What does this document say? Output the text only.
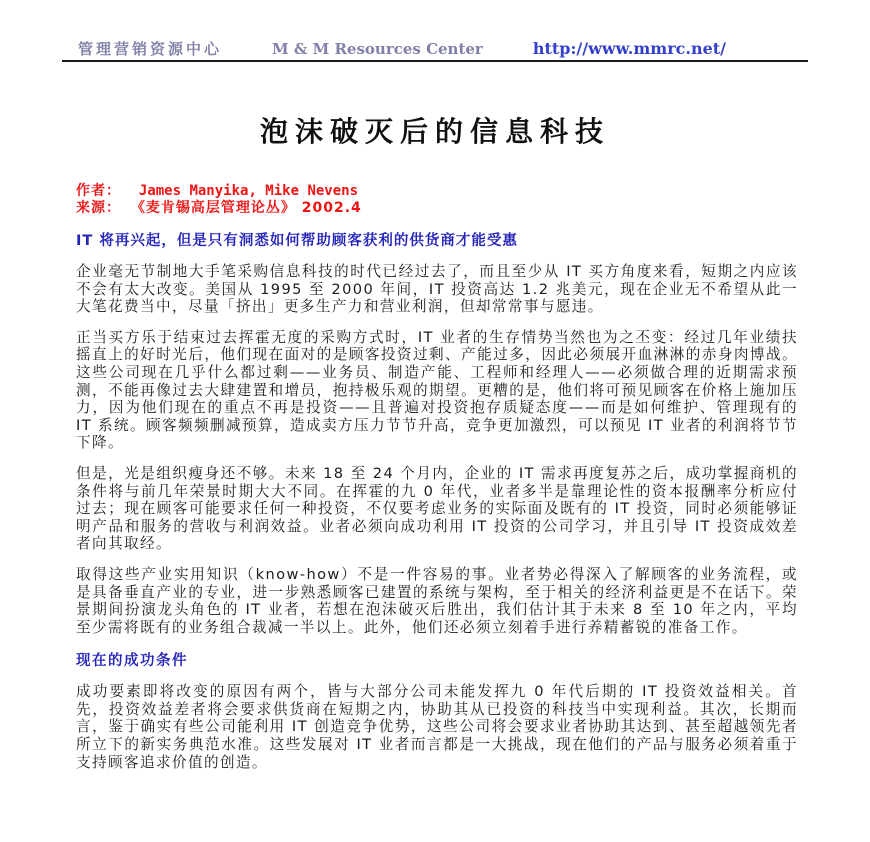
管理营销资源中心	M & M Resources Center	http://www.mmrc.net/
泡沫破灭后的信息科技
作者： James Manyika, Mike Nevens
来源： 《麦肯锡高层管理论丛》 2002.4
IT 将再兴起，但是只有洞悉如何帮助顾客获利的供货商才能受惠

企业毫无节制地大手笔采购信息科技的时代已经过去了，而且至少从 IT 买方角度来看，短期之内应该不会有太大改变。美国从 1995 至 2000 年间，IT 投资高达 1.2 兆美元，现在企业无不希望从此一大笔花费当中，尽量「挤出」更多生产力和营业利润，但却常常事与愿违。

正当买方乐于结束过去挥霍无度的采购方式时，IT 业者的生存情势当然也为之丕变：经过几年业绩扶摇直上的好时光后，他们现在面对的是顾客投资过剩、产能过多，因此必须展开血淋淋的赤身肉博战。这些公司现在几乎什么都过剩——业务员、制造产能、工程师和经理人——必须做合理的近期需求预测，不能再像过去大肆建置和增员，抱持极乐观的期望。更糟的是，他们将可预见顾客在价格上施加压力，因为他们现在的重点不再是投资——且普遍对投资抱存质疑态度——而是如何维护、管理现有的 IT 系统。顾客频频删减预算，造成卖方压力节节升高，竞争更加激烈，可以预见 IT 业者的利润将节节下降。

但是，光是组织瘦身还不够。未来 18 至 24 个月内，企业的 IT 需求再度复苏之后，成功掌握商机的条件将与前几年荣景时期大大不同。在挥霍的九 0 年代，业者多半是靠理论性的资本报酬率分析应付过去；现在顾客可能要求任何一种投资，不仅要考虑业务的实际面及既有的 IT 投资，同时必须能够证明产品和服务的营收与利润效益。业者必须向成功利用 IT 投资的公司学习，并且引导 IT 投资成效差者向其取经。

取得这些产业实用知识（know-how）不是一件容易的事。业者势必得深入了解顾客的业务流程，或是具备垂直产业的专业，进一步熟悉顾客已建置的系统与架构，至于相关的经济利益更是不在话下。荣景期间扮演龙头角色的 IT 业者，若想在泡沫破灭后胜出，我们估计其于未来 8 至 10 年之内，平均至少需将既有的业务组合裁减一半以上。此外，他们还必须立刻着手进行养精蓄锐的准备工作。

现在的成功条件

成功要素即将改变的原因有两个，皆与大部分公司未能发挥九 0 年代后期的 IT 投资效益相关。首先，投资效益差者将会要求供货商在短期之内，协助其从已投资的科技当中实现利益。其次，长期而言，鉴于确实有些公司能利用 IT 创造竞争优势，这些公司将会要求业者协助其达到、甚至超越领先者所立下的新实务典范水准。这些发展对 IT 业者而言都是一大挑战，现在他们的产品与服务必须着重于支持顾客追求价值的创造。
